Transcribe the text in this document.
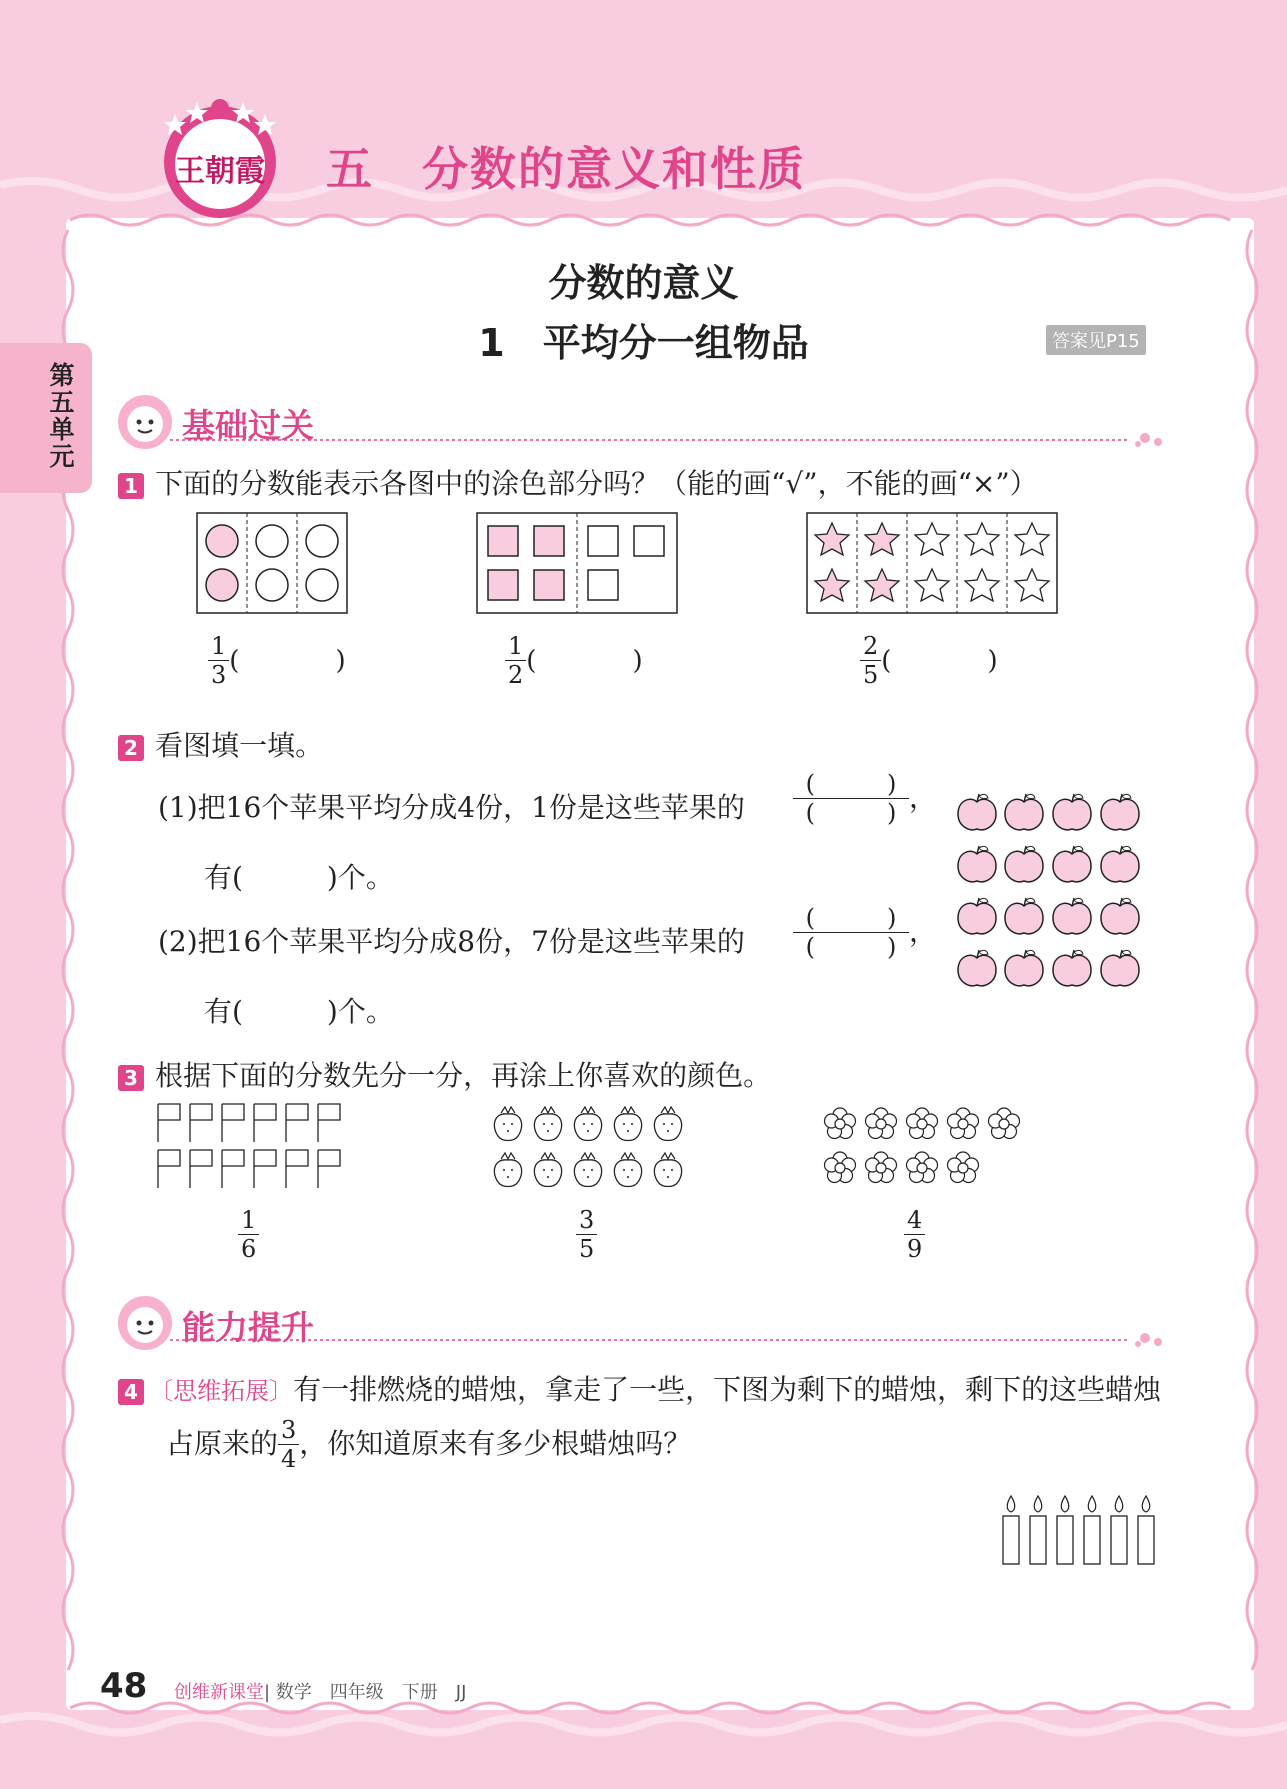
王朝霞 五　分数的意义和性质
第五单元
分数的意义
1　平均分一组物品	答案见P15
基础过关
1 下面的分数能表示各图中的涂色部分吗？（能的画“√”，不能的画“×”）
$\frac{1}{3}$ (	)	$\frac{1}{2}$ (	)	$\frac{2}{5}$ (	)
2 看图填一填。
(1)把16个苹果平均分成4份，1份是这些苹果的 $\frac{( )}{( )}$ ，
有(　　　)个。
(2)把16个苹果平均分成8份，7份是这些苹果的 $\frac{( )}{( )}$ ，
有(　　　)个。
3 根据下面的分数先分一分，再涂上你喜欢的颜色。
$\frac{1}{6}$	$\frac{3}{5}$	$\frac{4}{9}$
能力提升
4 〔思维拓展〕有一排燃烧的蜡烛，拿走了一些，下图为剩下的蜡烛，剩下的这些蜡烛
占原来的 $\frac{3}{4}$ ，你知道原来有多少根蜡烛吗？
48 创维新课堂| 数学　四年级　下册　JJ
